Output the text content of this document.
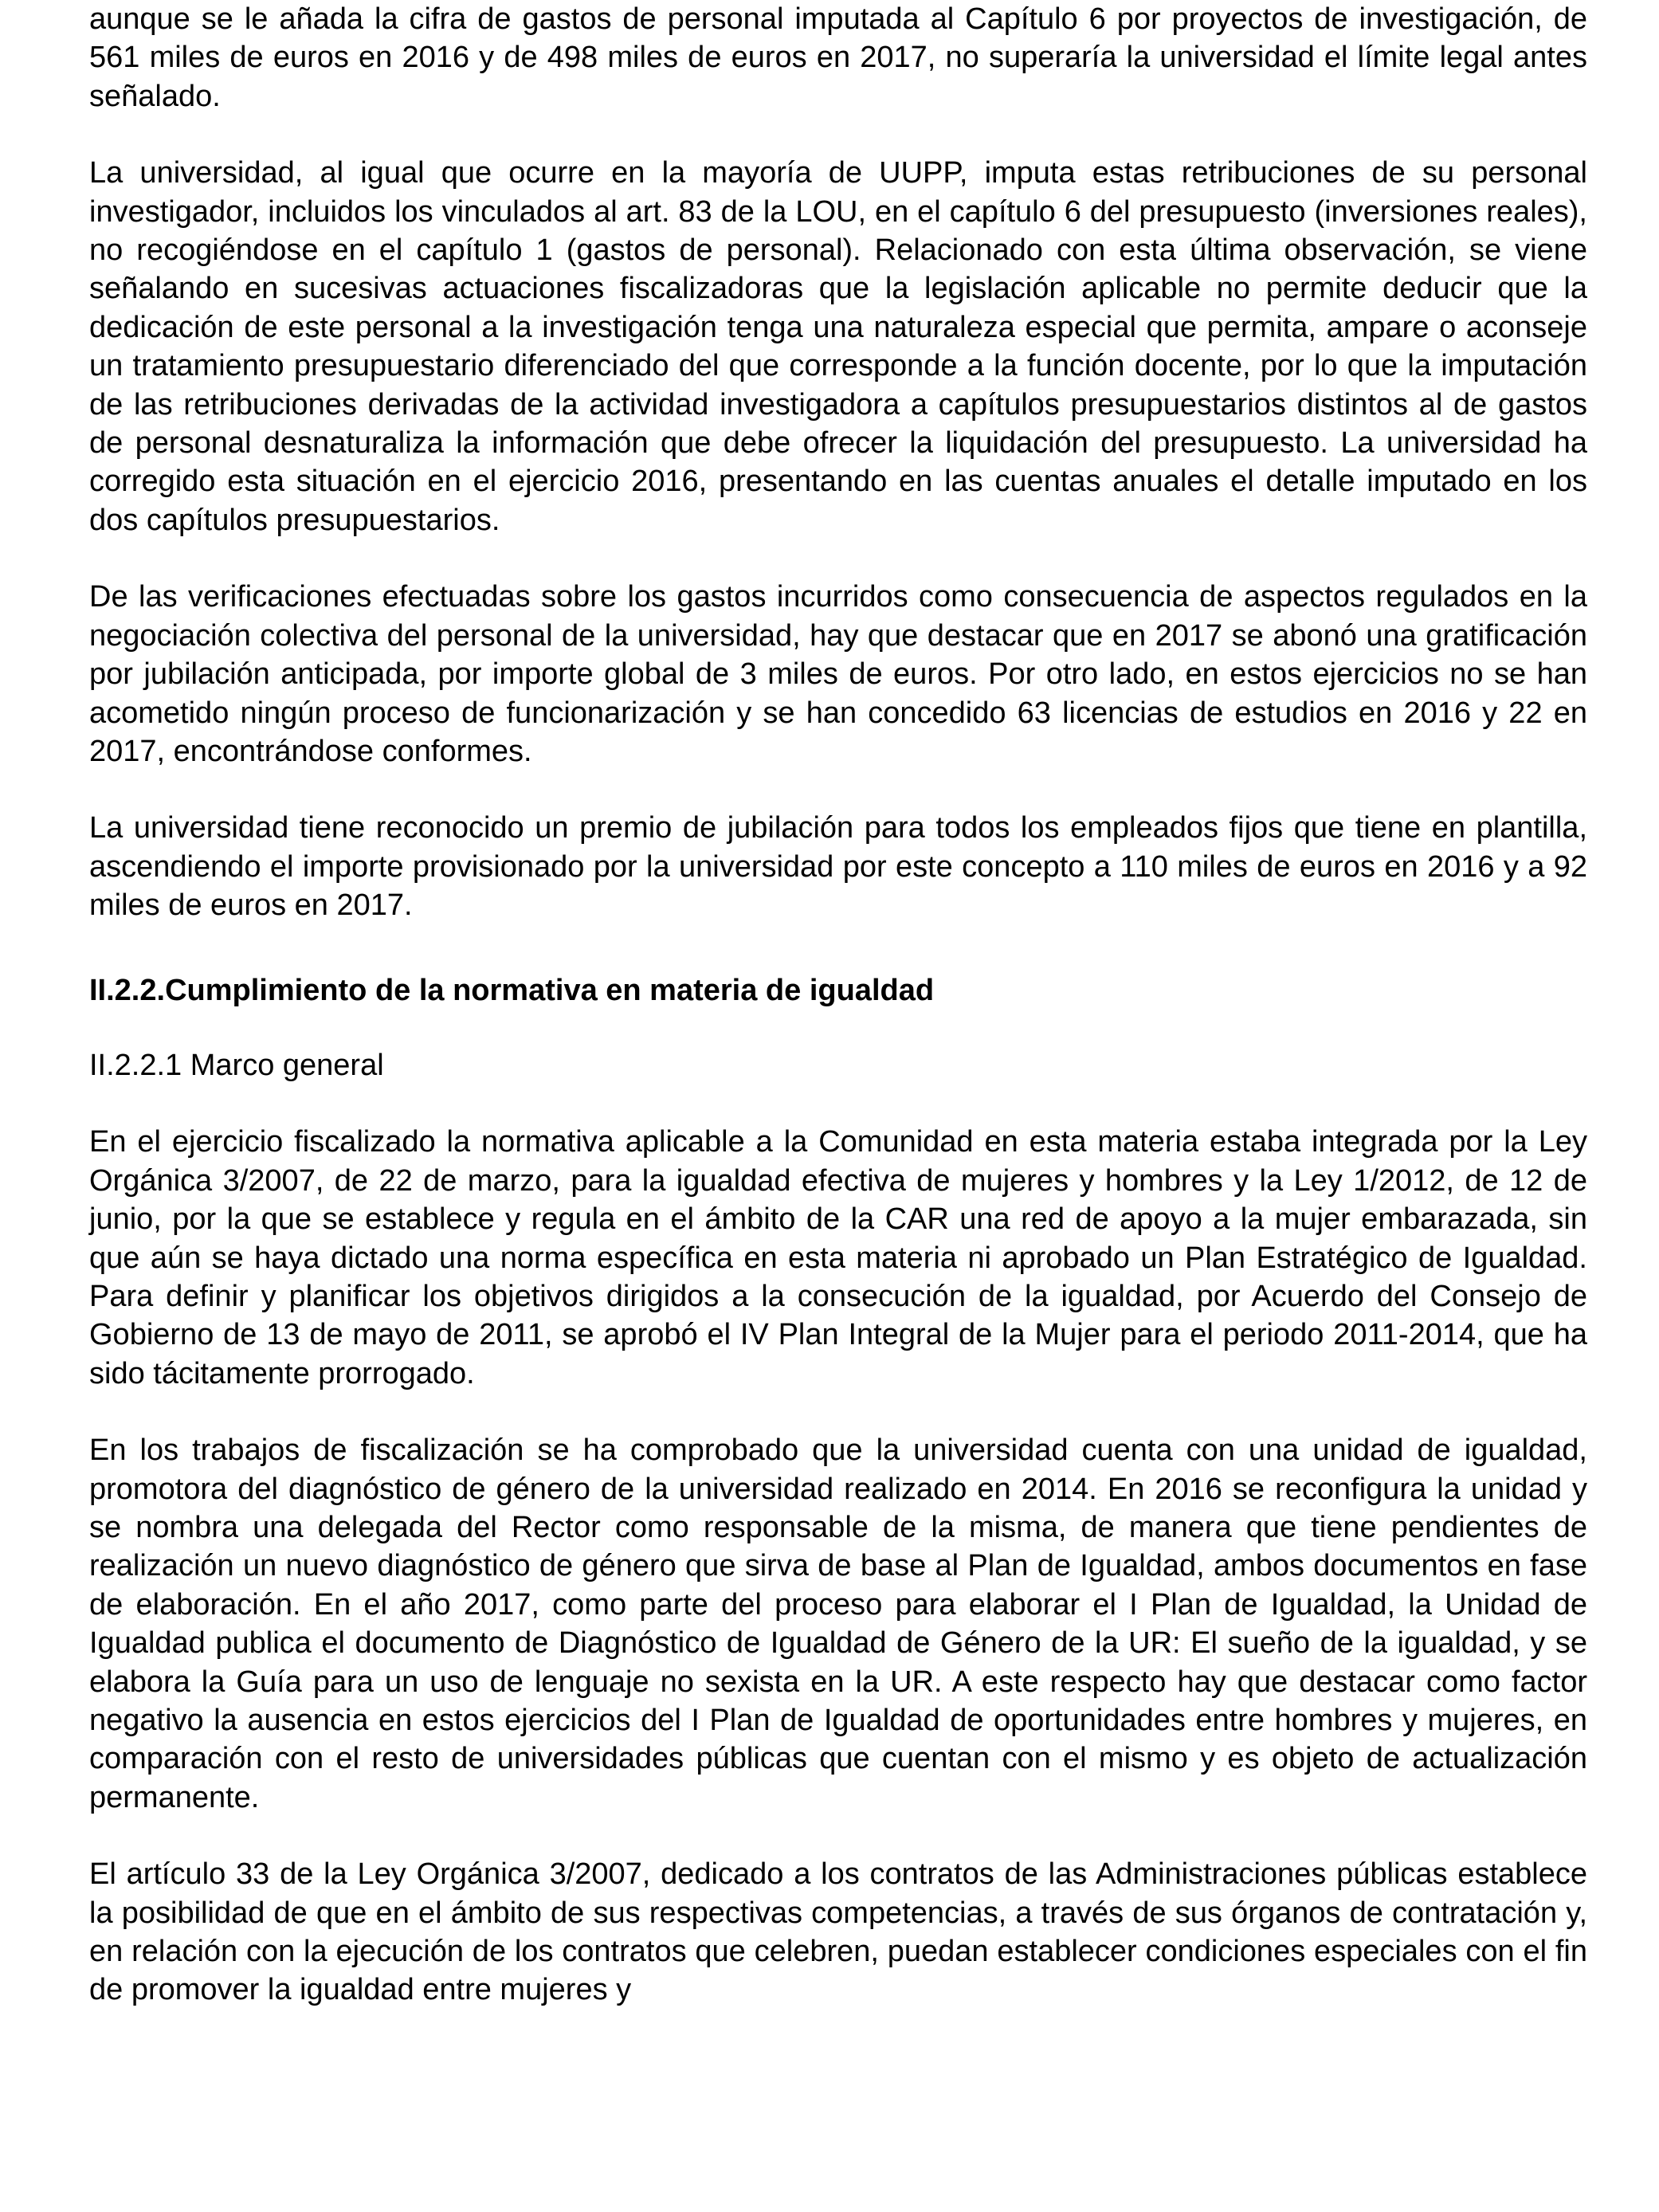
aunque se le añada la cifra de gastos de personal imputada al Capítulo 6 por proyectos de investigación, de 561 miles de euros en 2016 y de 498 miles de euros en 2017, no superaría la universidad el límite legal antes señalado.

La universidad, al igual que ocurre en la mayoría de UUPP, imputa estas retribuciones de su personal investigador, incluidos los vinculados al art. 83 de la LOU, en el capítulo 6 del presupuesto (inversiones reales), no recogiéndose en el capítulo 1 (gastos de personal). Relacionado con esta última observación, se viene señalando en sucesivas actuaciones fiscalizadoras que la legislación aplicable no permite deducir que la dedicación de este personal a la investigación tenga una naturaleza especial que permita, ampare o aconseje un tratamiento presupuestario diferenciado del que corresponde a la función docente, por lo que la imputación de las retribuciones derivadas de la actividad investigadora a capítulos presupuestarios distintos al de gastos de personal desnaturaliza la información que debe ofrecer la liquidación del presupuesto. La universidad ha corregido esta situación en el ejercicio 2016, presentando en las cuentas anuales el detalle imputado en los dos capítulos presupuestarios.

De las verificaciones efectuadas sobre los gastos incurridos como consecuencia de aspectos regulados en la negociación colectiva del personal de la universidad, hay que destacar que en 2017 se abonó una gratificación por jubilación anticipada, por importe global de 3 miles de euros. Por otro lado, en estos ejercicios no se han acometido ningún proceso de funcionarización y se han concedido 63 licencias de estudios en 2016 y 22 en 2017, encontrándose conformes.

La universidad tiene reconocido un premio de jubilación para todos los empleados fijos que tiene en plantilla, ascendiendo el importe provisionado por la universidad por este concepto a 110 miles de euros en 2016 y a 92 miles de euros en 2017.

II.2.2.Cumplimiento de la normativa en materia de igualdad

II.2.2.1 Marco general

En el ejercicio fiscalizado la normativa aplicable a la Comunidad en esta materia estaba integrada por la Ley Orgánica 3/2007, de 22 de marzo, para la igualdad efectiva de mujeres y hombres y la Ley 1/2012, de 12 de junio, por la que se establece y regula en el ámbito de la CAR una red de apoyo a la mujer embarazada, sin que aún se haya dictado una norma específica en esta materia ni aprobado un Plan Estratégico de Igualdad. Para definir y planificar los objetivos dirigidos a la consecución de la igualdad, por Acuerdo del Consejo de Gobierno de 13 de mayo de 2011, se aprobó el IV Plan Integral de la Mujer para el periodo 2011-2014, que ha sido tácitamente prorrogado.

En los trabajos de fiscalización se ha comprobado que la universidad cuenta con una unidad de igualdad, promotora del diagnóstico de género de la universidad realizado en 2014. En 2016 se reconfigura la unidad y se nombra una delegada del Rector como responsable de la misma, de manera que tiene pendientes de realización un nuevo diagnóstico de género que sirva de base al Plan de Igualdad, ambos documentos en fase de elaboración. En el año 2017, como parte del proceso para elaborar el I Plan de Igualdad, la Unidad de Igualdad publica el documento de Diagnóstico de Igualdad de Género de la UR: El sueño de la igualdad, y se elabora la Guía para un uso de lenguaje no sexista en la UR. A este respecto hay que destacar como factor negativo la ausencia en estos ejercicios del I Plan de Igualdad de oportunidades entre hombres y mujeres, en comparación con el resto de universidades públicas que cuentan con el mismo y es objeto de actualización permanente.

El artículo 33 de la Ley Orgánica 3/2007, dedicado a los contratos de las Administraciones públicas establece la posibilidad de que en el ámbito de sus respectivas competencias, a través de sus órganos de contratación y, en relación con la ejecución de los contratos que celebren, puedan establecer condiciones especiales con el fin de promover la igualdad entre mujeres y
